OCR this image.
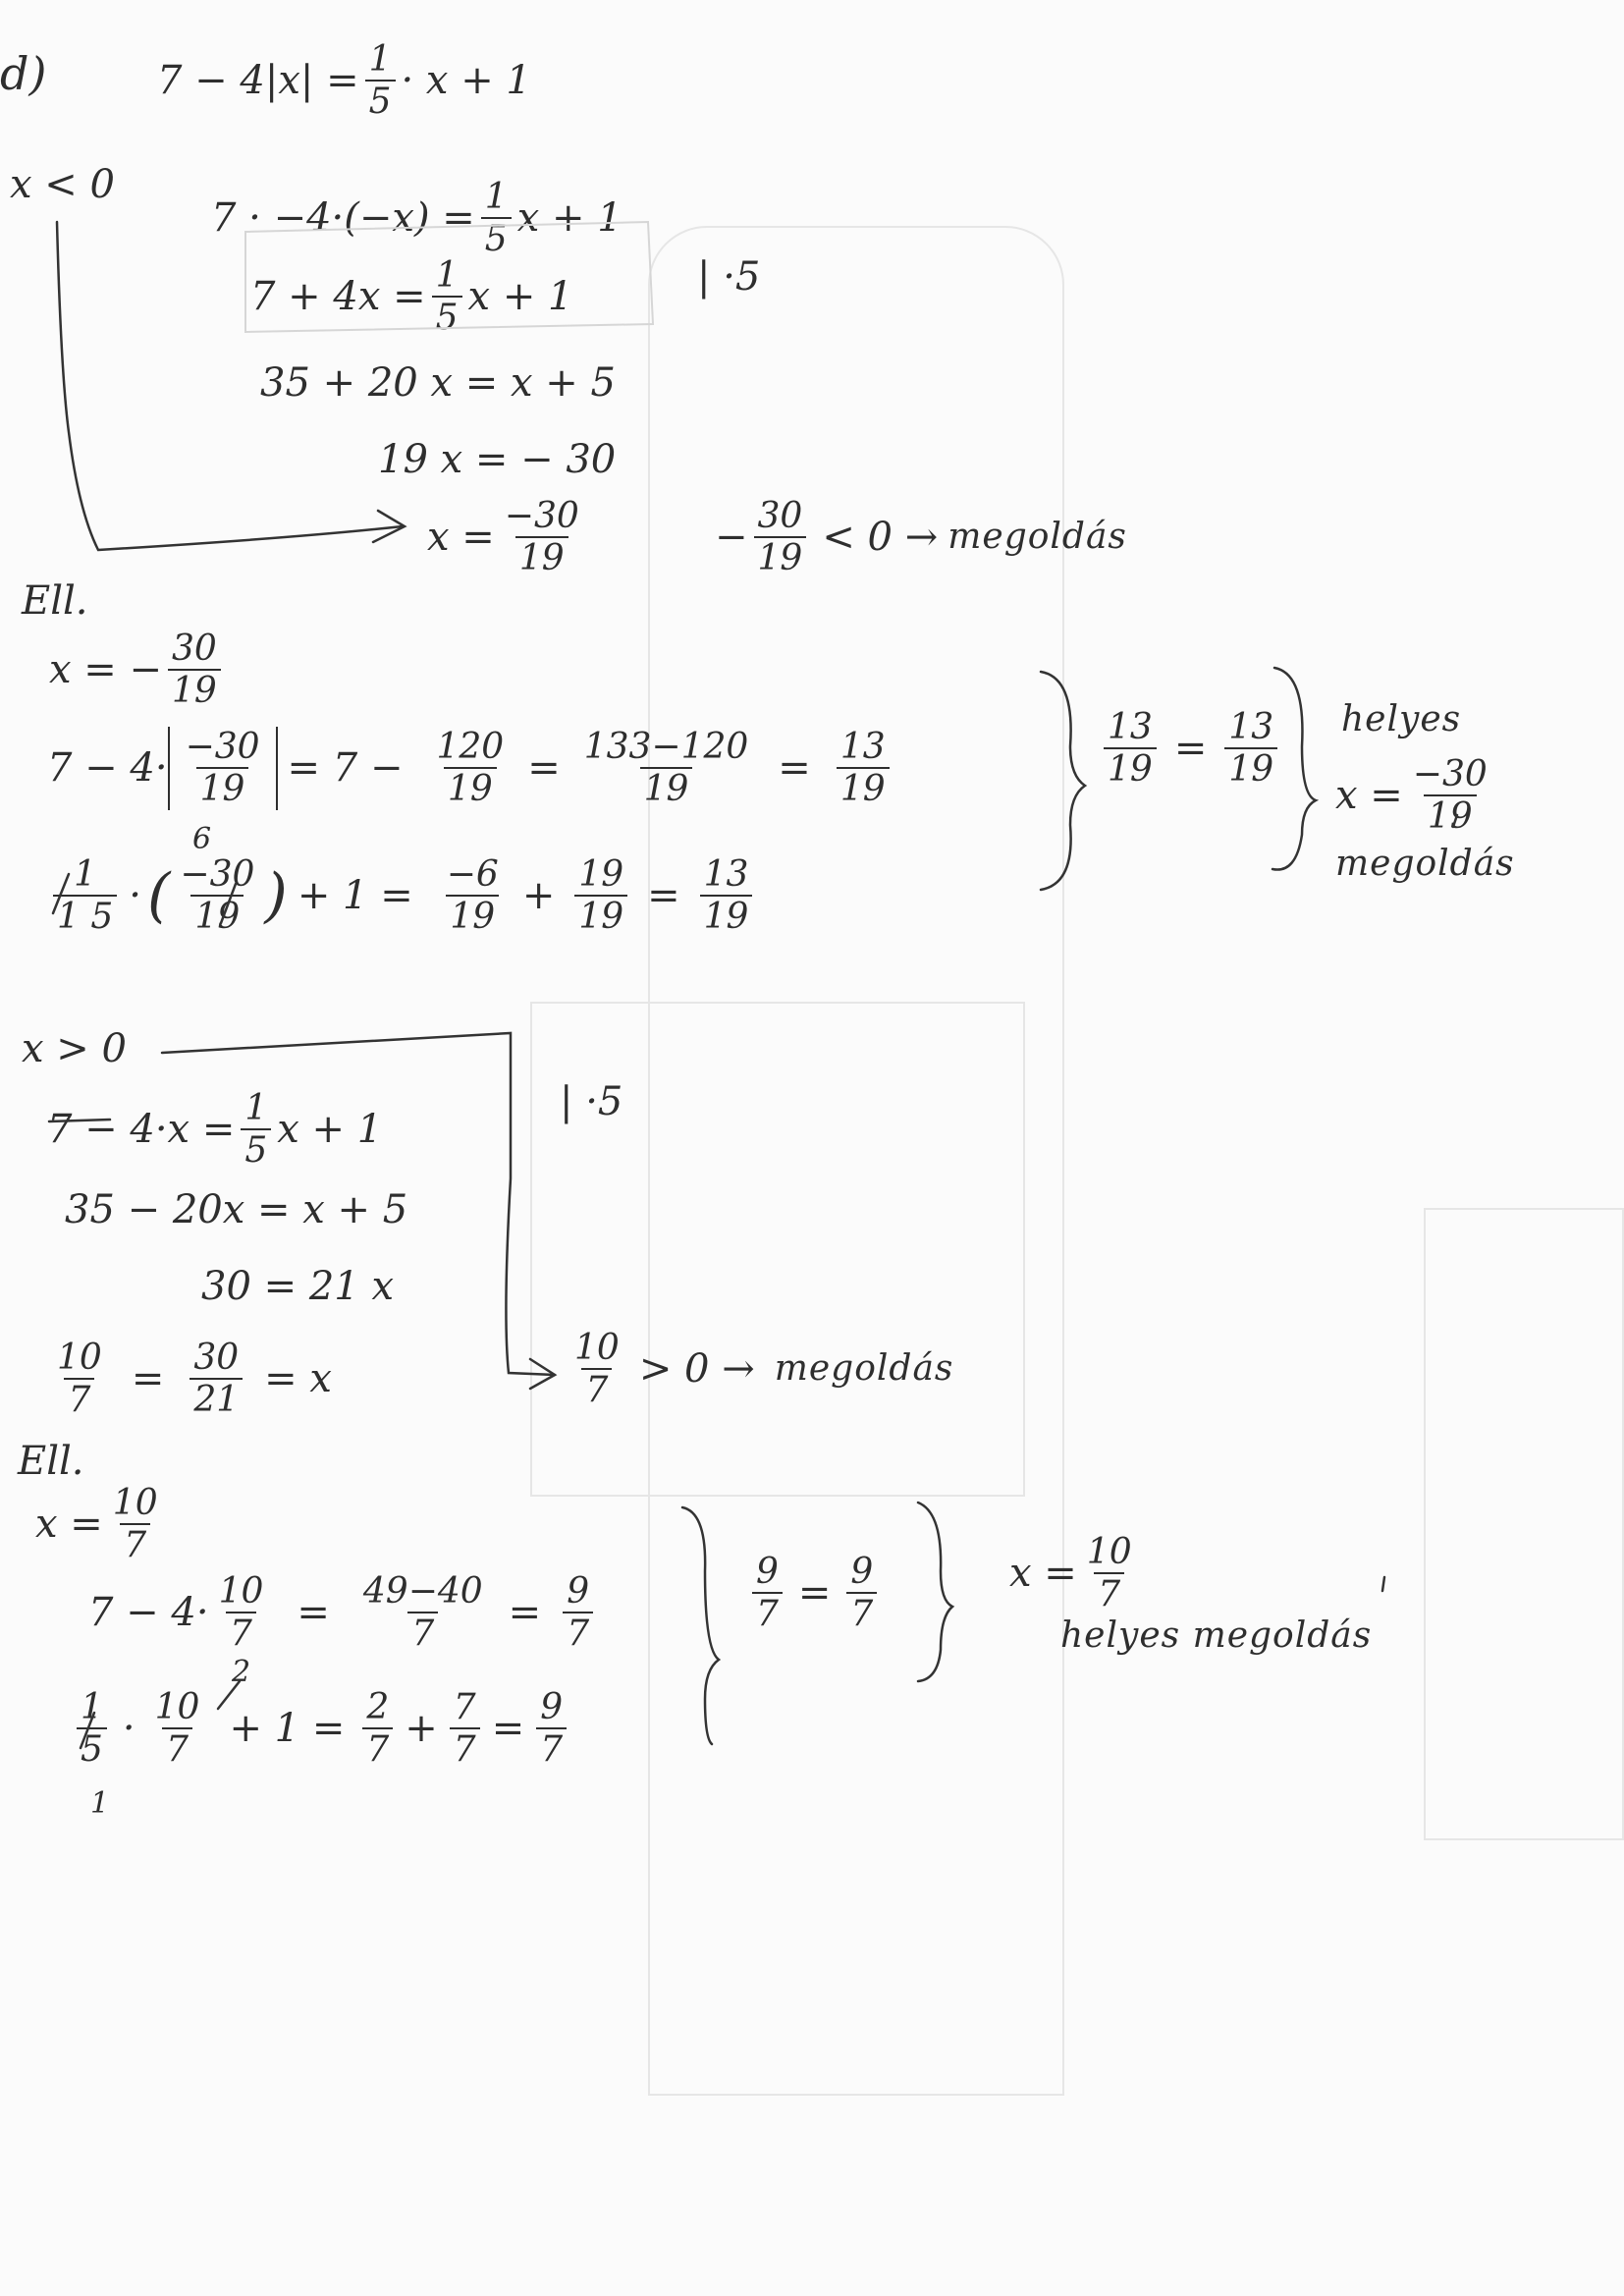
d)	$7 - 4|x| = \frac{1}{5} \cdot x + 1$
x < 0
$7 \cdot -4\cdot(-x) = \frac{1}{5}$ x + 1
$7 + 4x = \frac{1}{5}$ x + 1	| ·5
35 + 20 x = x + 5
19 x = − 30
$x = \frac{-30}{19}$	− $\frac{30}{19} < 0$ → megoldás
Ell.
x = − $\frac{30}{19}$
$7 - 4\cdot \frac{-30}{19} = 7 - \frac{120}{19} = \frac{133-120}{19} = \frac{13}{19}$
6
$\frac{1}{1 5}$ · ( $\frac{-30}{19}$ ) + $1 = \frac{-6}{19} + \frac{19}{19} = \frac{13}{19}$
$\frac{13}{19} = \frac{13}{19}$ helyes
$x = \frac{-30}{19}$
megoldás
x > 0
$7 - 4\cdot x = \frac{1}{5}$ x + 1
| ·5
35 − 20x = x + 5
30 = 21 x
$\frac{10}{7} = \frac{30}{21} = x$	$\frac{10}{7} > 0$ → megoldás
Ell.
$x = \frac{10}{7}$
$7 - 4\cdot \frac{10}{7} = \frac{49-40}{7} = \frac{9}{7}$
2
$\frac{1}{5} \cdot \frac{10}{7} + 1 = \frac{2}{7} + \frac{7}{7} = \frac{9}{7}$
1
$\frac{9}{7} = \frac{9}{7}$	$x = \frac{10}{7}$
helyes megoldás
